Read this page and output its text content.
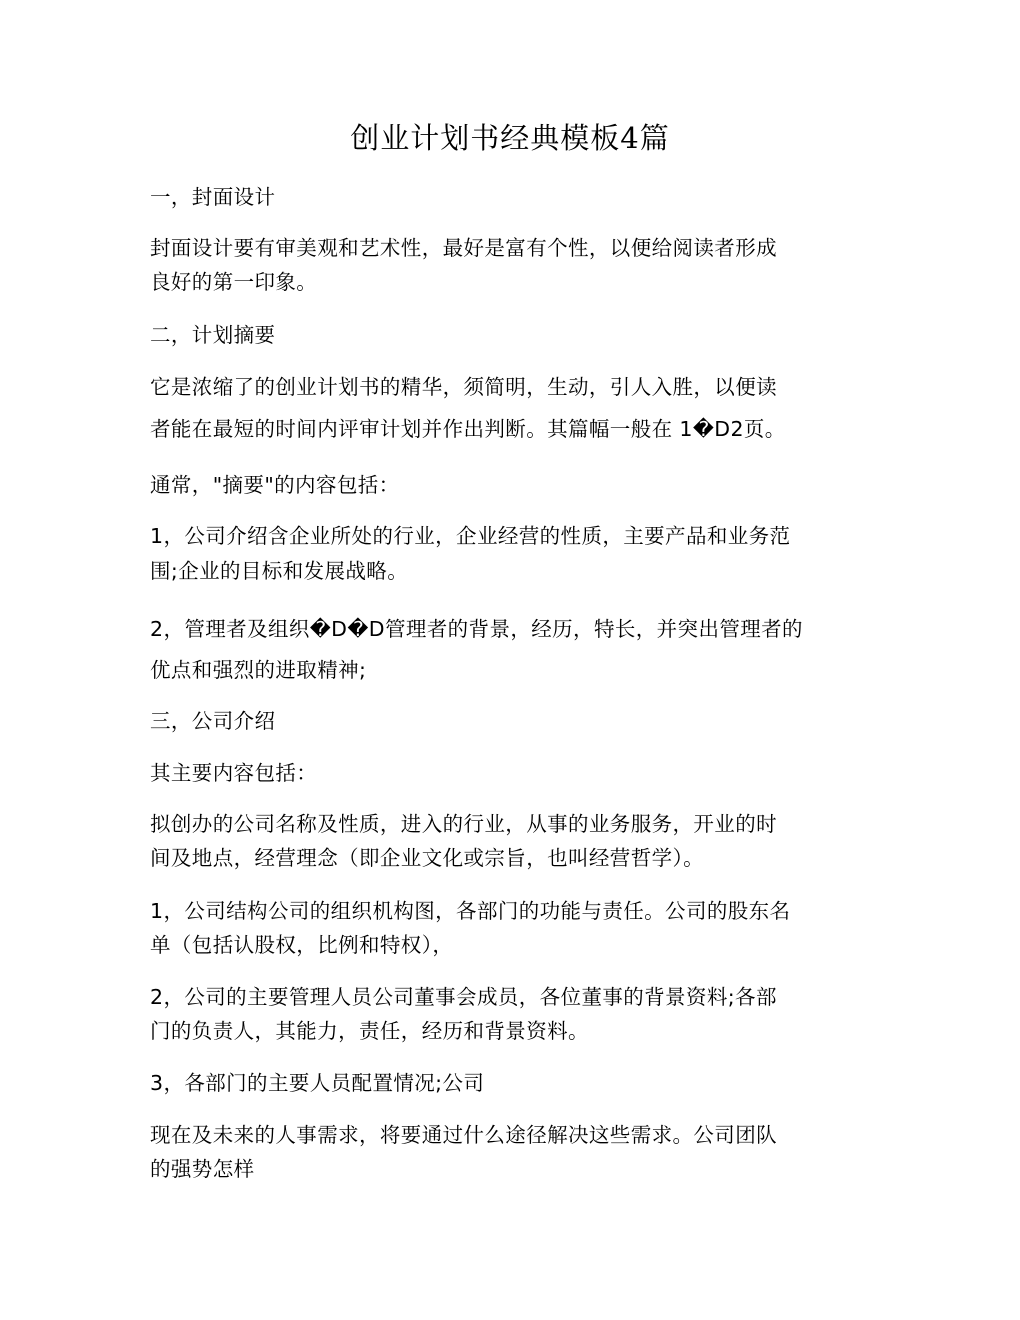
创业计划书经典模板4篇

一，封面设计

封面设计要有审美观和艺术性，最好是富有个性，以便给阅读者形成

良好的第一印象。

二，计划摘要

它是浓缩了的创业计划书的精华，须简明，生动，引人入胜，以便读

者能在最短的时间内评审计划并作出判断。其篇幅一般在 1�D2页。

通常，"摘要"的内容包括：

1，公司介绍含企业所处的行业，企业经营的性质，主要产品和业务范

围;企业的目标和发展战略。

2，管理者及组织�D�D管理者的背景，经历，特长，并突出管理者的

优点和强烈的进取精神;

三，公司介绍

其主要内容包括：

拟创办的公司名称及性质，进入的行业，从事的业务服务，开业的时

间及地点，经营理念（即企业文化或宗旨，也叫经营哲学）。

1，公司结构公司的组织机构图，各部门的功能与责任。公司的股东名

单（包括认股权，比例和特权），

2，公司的主要管理人员公司董事会成员，各位董事的背景资料;各部

门的负责人，其能力，责任，经历和背景资料。

3，各部门的主要人员配置情况;公司

现在及未来的人事需求，将要通过什么途径解决这些需求。公司团队

的强势怎样
